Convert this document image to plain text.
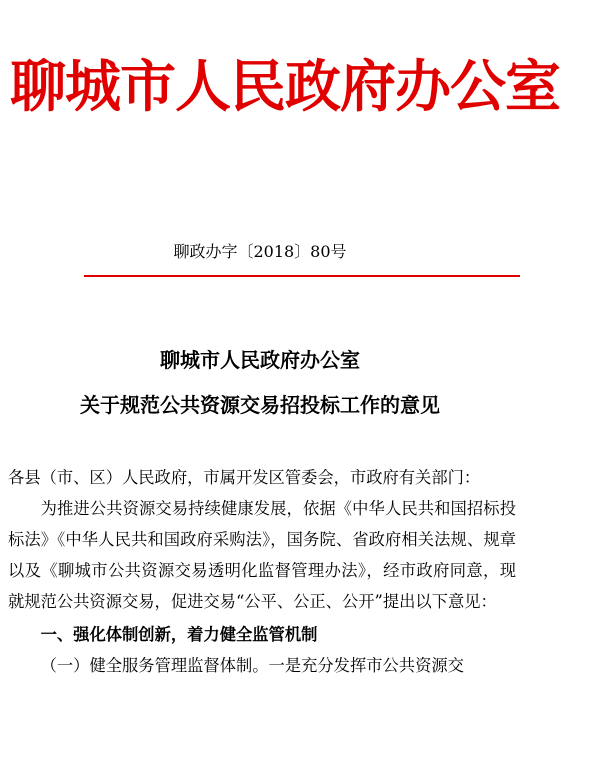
聊城市人民政府办公室
聊政办字〔2018〕80号
聊城市人民政府办公室
关于规范公共资源交易招投标工作的意见

各县（市、区）人民政府，市属开发区管委会，市政府有关部门：

为推进公共资源交易持续健康发展，依据《中华人民共和国招标投标法》《中华人民共和国政府采购法》，国务院、省政府相关法规、规章以及《聊城市公共资源交易透明化监督管理办法》，经市政府同意，现就规范公共资源交易，促进交易“公平、公正、公开”提出以下意见：

一、强化体制创新，着力健全监管机制

（一）健全服务管理监督体制。一是充分发挥市公共资源交
